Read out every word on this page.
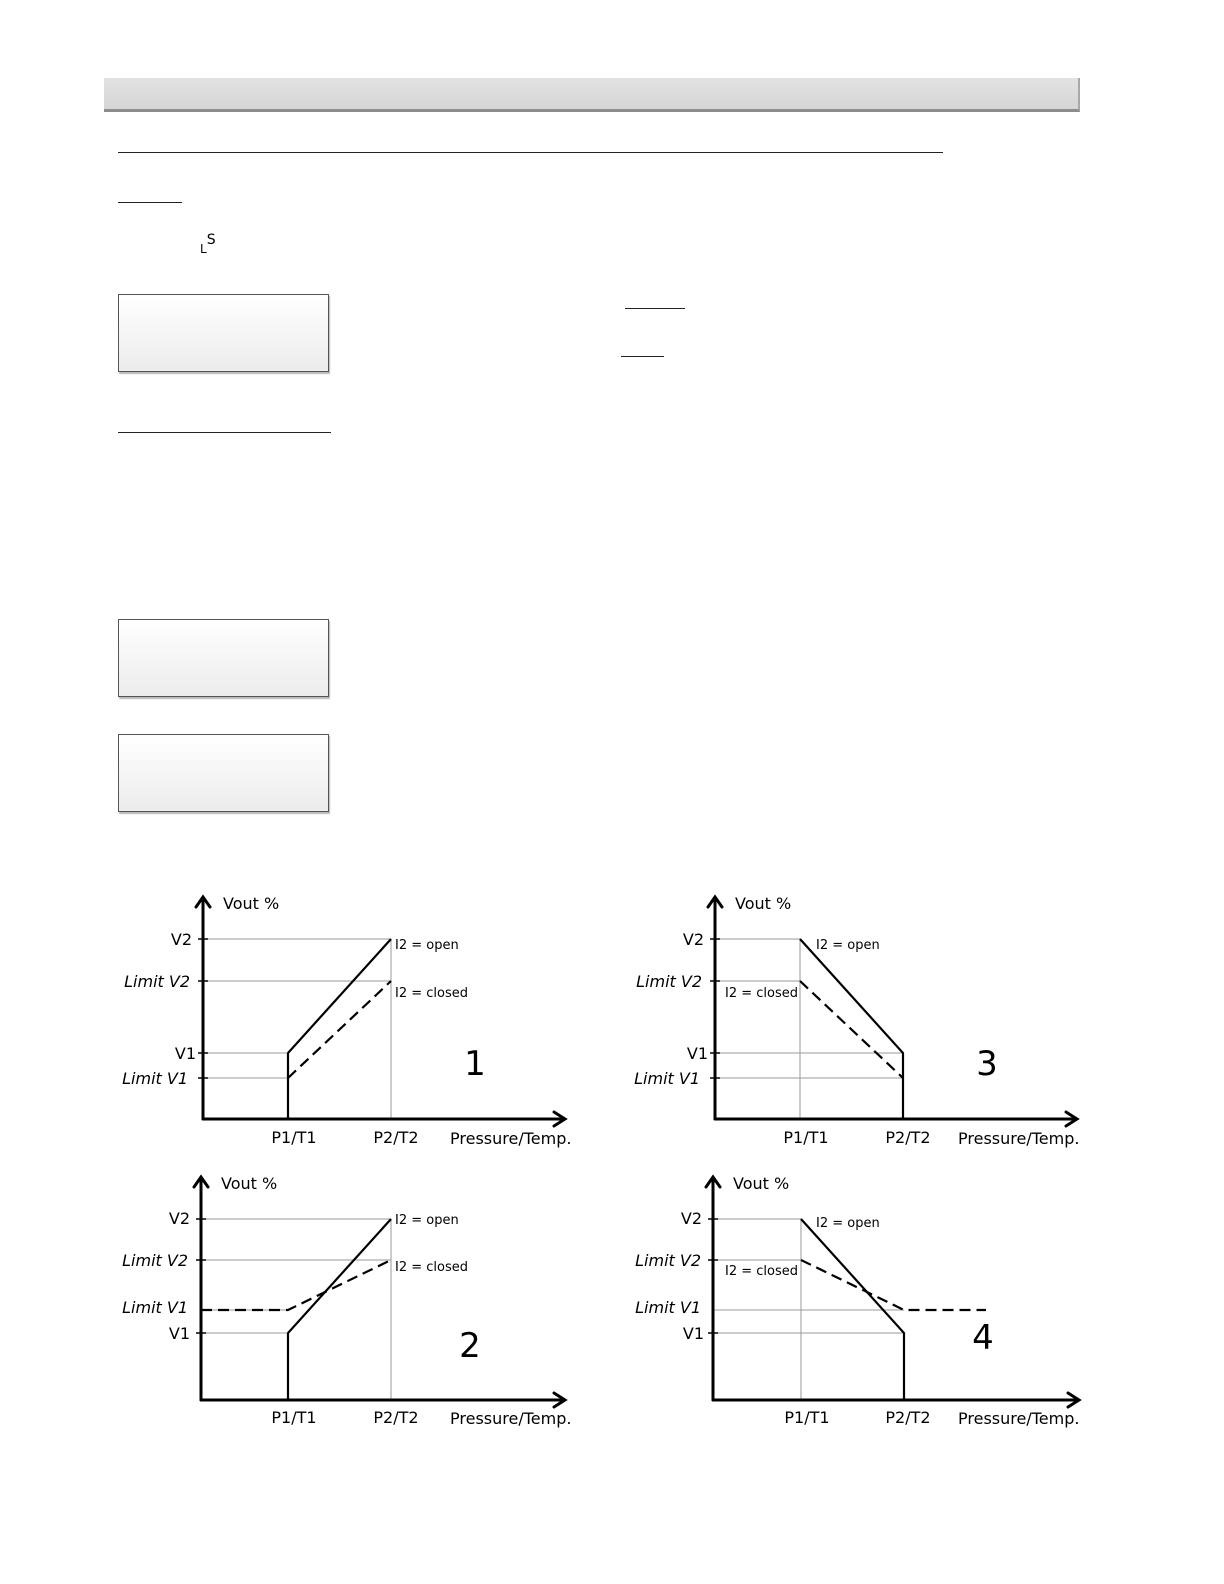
$_L^S$
Vout %
V2
Limit V2
V1
Limit V1
P1/T1	P2/T2 Pressure/Temp.
I2 = open
I2 = closed
1
Vout %
V2
Limit V2
V1
Limit V1
P1/T1	P2/T2 Pressure/Temp.
I2 = open
I2 = closed
3
Vout %
V2
Limit V2
Limit V1
V1
P1/T1	P2/T2 Pressure/Temp.
I2 = open
I2 = closed
2
Vout %
V2
Limit V2
Limit V1
V1
P1/T1	P2/T2 Pressure/Temp.
I2 = open
I2 = closed
4
